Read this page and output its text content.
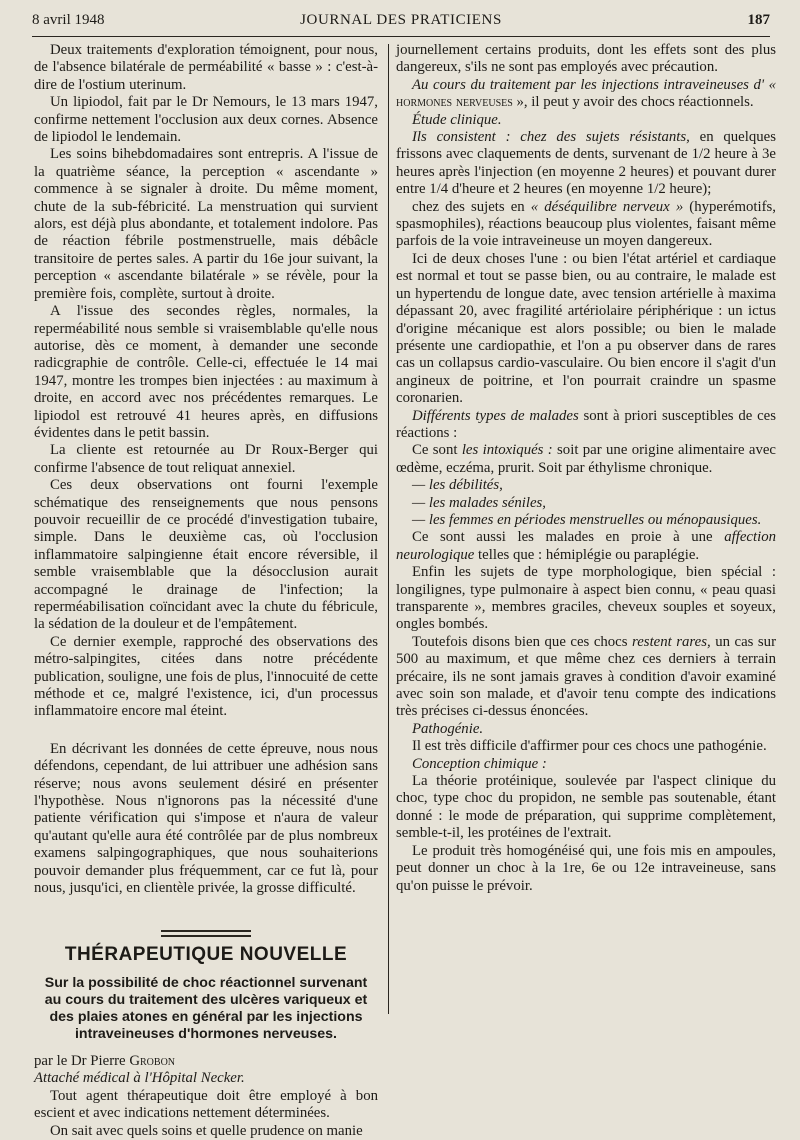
8 avril 1948	JOURNAL DES PRATICIENS	187

Deux traitements d'exploration témoignent, pour nous, de l'absence bilatérale de perméabilité « basse » : c'est-à-dire de l'ostium uterinum.

Un lipiodol, fait par le Dr Nemours, le 13 mars 1947, confirme nettement l'occlusion aux deux cornes. Absence de lipiodol le lendemain.

Les soins bihebdomadaires sont entrepris. A l'issue de la quatrième séance, la perception « ascendante » commence à se signaler à droite. Du même moment, chute de la sub-fébricité. La menstruation qui survient alors, est déjà plus abondante, et totalement indolore. Pas de réaction fébrile postmenstruelle, mais débâcle transitoire de pertes sales. A partir du 16e jour suivant, la perception « ascendante bilatérale » se révèle, pour la première fois, complète, surtout à droite.

A l'issue des secondes règles, normales, la reperméabilité nous semble si vraisemblable qu'elle nous autorise, dès ce moment, à demander une seconde radicgraphie de contrôle. Celle-ci, effectuée le 14 mai 1947, montre les trompes bien injectées : au maximum à droite, en accord avec nos précédentes remarques. Le lipiodol est retrouvé 41 heures après, en diffusions évidentes dans le petit bassin.

La cliente est retournée au Dr Roux-Berger qui confirme l'absence de tout reliquat annexiel.

Ces deux observations ont fourni l'exemple schématique des renseignements que nous pensons pouvoir recueillir de ce procédé d'investigation tubaire, simple. Dans le deuxième cas, où l'occlusion inflammatoire salpingienne était encore réversible, il semble vraisemblable que la désocclusion aurait accompagné le drainage de l'infection; la reperméabilisation coïncidant avec la chute du fébricule, la sédation de la douleur et de l'empâtement.

Ce dernier exemple, rapproché des observations des métro-salpingites, citées dans notre précédente publication, souligne, une fois de plus, l'innocuité de cette méthode et ce, malgré l'existence, ici, d'un processus inflammatoire encore mal éteint.

En décrivant les données de cette épreuve, nous nous défendons, cependant, de lui attribuer une adhésion sans réserve; nous avons seulement désiré en présenter l'hypothèse. Nous n'ignorons pas la nécessité d'une patiente vérification qui s'impose et n'aura de valeur qu'autant qu'elle aura été contrôlée par de plus nombreux examens salpingographiques, que nous souhaiterions pouvoir demander plus fréquemment, car ce fut là, pour nous, jusqu'ici, en clientèle privée, la grosse difficulté.

THÉRAPEUTIQUE NOUVELLE
Sur la possibilité de choc réactionnel survenant au cours du traitement des ulcères variqueux et des plaies atones en général par les injections intraveineuses d'hormones nerveuses.

par le Dr Pierre Grobon

Attaché médical à l'Hôpital Necker.

Tout agent thérapeutique doit être employé à bon escient et avec indications nettement déterminées.

On sait avec quels soins et quelle prudence on manie

journellement certains produits, dont les effets sont des plus dangereux, s'ils ne sont pas employés avec précaution.

Au cours du traitement par les injections intraveineuses d' « hormones nerveuses », il peut y avoir des chocs réactionnels.

Étude clinique.

Ils consistent : chez des sujets résistants, en quelques frissons avec claquements de dents, survenant de 1/2 heure à 3e heures après l'injection (en moyenne 2 heures) et pouvant durer entre 1/4 d'heure et 2 heures (en moyenne 1/2 heure);

chez des sujets en « déséquilibre nerveux » (hyperémotifs, spasmophiles), réactions beaucoup plus violentes, faisant même parfois de la voie intraveineuse un moyen dangereux.

Ici de deux choses l'une : ou bien l'état artériel et cardiaque est normal et tout se passe bien, ou au contraire, le malade est un hypertendu de longue date, avec tension artérielle à maxima dépassant 20, avec fragilité artériolaire périphérique : un ictus d'origine mécanique est alors possible; ou bien le malade présente une cardiopathie, et l'on a pu observer dans de rares cas un collapsus cardio-vasculaire. Ou bien encore il s'agit d'un angineux de poitrine, et l'on pourrait craindre un spasme coronarien.

Différents types de malades sont à priori susceptibles de ces réactions :

Ce sont les intoxiqués : soit par une origine alimentaire avec œdème, eczéma, prurit. Soit par éthylisme chronique.

— les débilités,

— les malades séniles,

— les femmes en périodes menstruelles ou ménopausiques.

Ce sont aussi les malades en proie à une affection neurologique telles que : hémiplégie ou paraplégie.

Enfin les sujets de type morphologique, bien spécial : longilignes, type pulmonaire à aspect bien connu, « peau quasi transparente », membres graciles, cheveux souples et soyeux, ongles bombés.

Toutefois disons bien que ces chocs restent rares, un cas sur 500 au maximum, et que même chez ces derniers à terrain précaire, ils ne sont jamais graves à condition d'avoir examiné avec soin son malade, et d'avoir tenu compte des indications très précises ci-dessus énoncées.

Pathogénie.

Il est très difficile d'affirmer pour ces chocs une pathogénie.

Conception chimique :

La théorie protéinique, soulevée par l'aspect clinique du choc, type choc du propidon, ne semble pas soutenable, étant donné : le mode de préparation, qui supprime complètement, semble-t-il, les protéines de l'extrait.

Le produit très homogénéisé qui, une fois mis en ampoules, peut donner un choc à la 1re, 6e ou 12e intraveineuse, sans qu'on puisse le prévoir.
